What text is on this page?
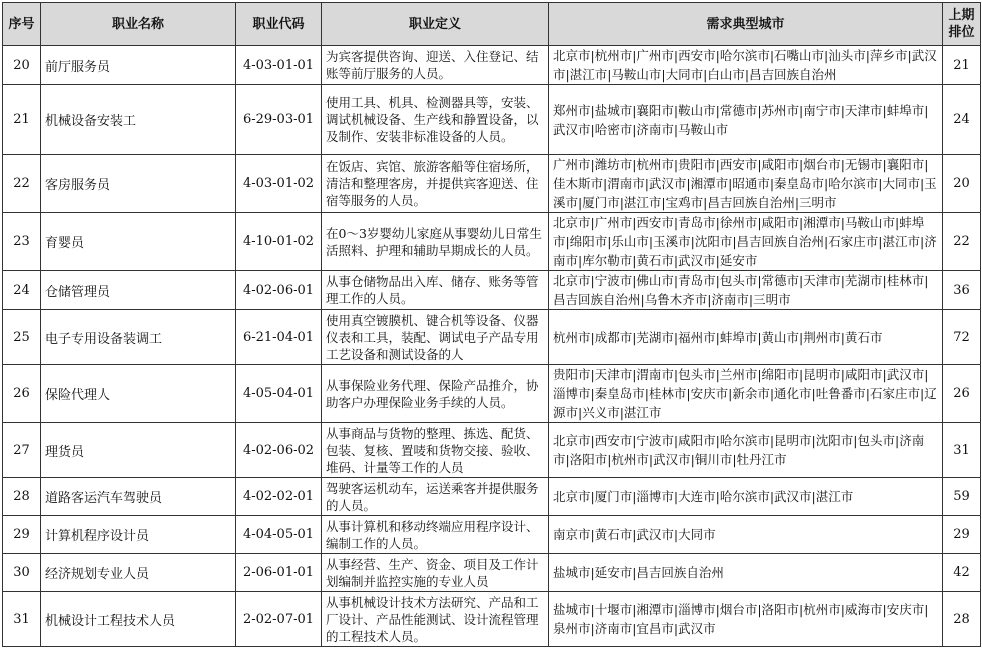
序号	职业名称	职业代码	职业定义	需求典型城市	上期排位
20	前厅服务员	4-03-01-01	为宾客提供咨询、迎送、入住登记、结账等前厅服务的人员。	北京市|杭州市|广州市|西安市|哈尔滨市|石嘴山市|汕头市|萍乡市|武汉市|湛江市|马鞍山市|大同市|白山市|昌吉回族自治州	21
21	机械设备安装工	6-29-03-01	使用工具、机具、检测器具等，安装、调试机械设备、生产线和静置设备，以及制作、安装非标准设备的人员。	郑州市|盐城市|襄阳市|鞍山市|常德市|苏州市|南宁市|天津市|蚌埠市|武汉市|哈密市|济南市|马鞍山市	24
22	客房服务员	4-03-01-02	在饭店、宾馆、旅游客船等住宿场所，清洁和整理客房，并提供宾客迎送、住宿等服务的人员。	广州市|潍坊市|杭州市|贵阳市|西安市|咸阳市|烟台市|无锡市|襄阳市|佳木斯市|渭南市|武汉市|湘潭市|昭通市|秦皇岛市|哈尔滨市|大同市|玉溪市|厦门市|湛江市|宝鸡市|昌吉回族自治州|三明市	20
23	育婴员	4-10-01-02	在0～3岁婴幼儿家庭从事婴幼儿日常生活照料、护理和辅助早期成长的人员。	北京市|广州市|西安市|青岛市|徐州市|咸阳市|湘潭市|马鞍山市|蚌埠市|绵阳市|乐山市|玉溪市|沈阳市|昌吉回族自治州|石家庄市|湛江市|济南市|库尔勒市|黄石市|武汉市|延安市	22
24	仓储管理员	4-02-06-01	从事仓储物品出入库、储存、账务等管理工作的人员。	北京市|宁波市|佛山市|青岛市|包头市|常德市|天津市|芜湖市|桂林市|昌吉回族自治州|乌鲁木齐市|济南市|三明市	36
25	电子专用设备装调工	6-21-04-01	使用真空镀膜机、键合机等设备、仪器仪表和工具，装配、调试电子产品专用工艺设备和测试设备的人	杭州市|成都市|芜湖市|福州市|蚌埠市|黄山市|荆州市|黄石市	72
26	保险代理人	4-05-04-01	从事保险业务代理、保险产品推介，协助客户办理保险业务手续的人员。	贵阳市|天津市|渭南市|包头市|兰州市|绵阳市|昆明市|咸阳市|武汉市|淄博市|秦皇岛市|桂林市|安庆市|新余市|通化市|吐鲁番市|石家庄市|辽源市|兴义市|湛江市	26
27	理货员	4-02-06-02	从事商品与货物的整理、拣选、配货、包装、复核、置唛和货物交接、验收、堆码、计量等工作的人员	北京市|西安市|宁波市|咸阳市|哈尔滨市|昆明市|沈阳市|包头市|济南市|洛阳市|杭州市|武汉市|铜川市|牡丹江市	31
28	道路客运汽车驾驶员	4-02-02-01	驾驶客运机动车，运送乘客并提供服务的人员。	北京市|厦门市|淄博市|大连市|哈尔滨市|武汉市|湛江市	59
29	计算机程序设计员	4-04-05-01	从事计算机和移动终端应用程序设计、编制工作的人员。	南京市|黄石市|武汉市|大同市	29
30	经济规划专业人员	2-06-01-01	从事经营、生产、资金、项目及工作计划编制并监控实施的专业人员	盐城市|延安市|昌吉回族自治州	42
31	机械设计工程技术人员	2-02-07-01	从事机械设计技术方法研究、产品和工厂设计、产品性能测试、设计流程管理的工程技术人员。	盐城市|十堰市|湘潭市|淄博市|烟台市|洛阳市|杭州市|威海市|安庆市|泉州市|济南市|宜昌市|武汉市	28
